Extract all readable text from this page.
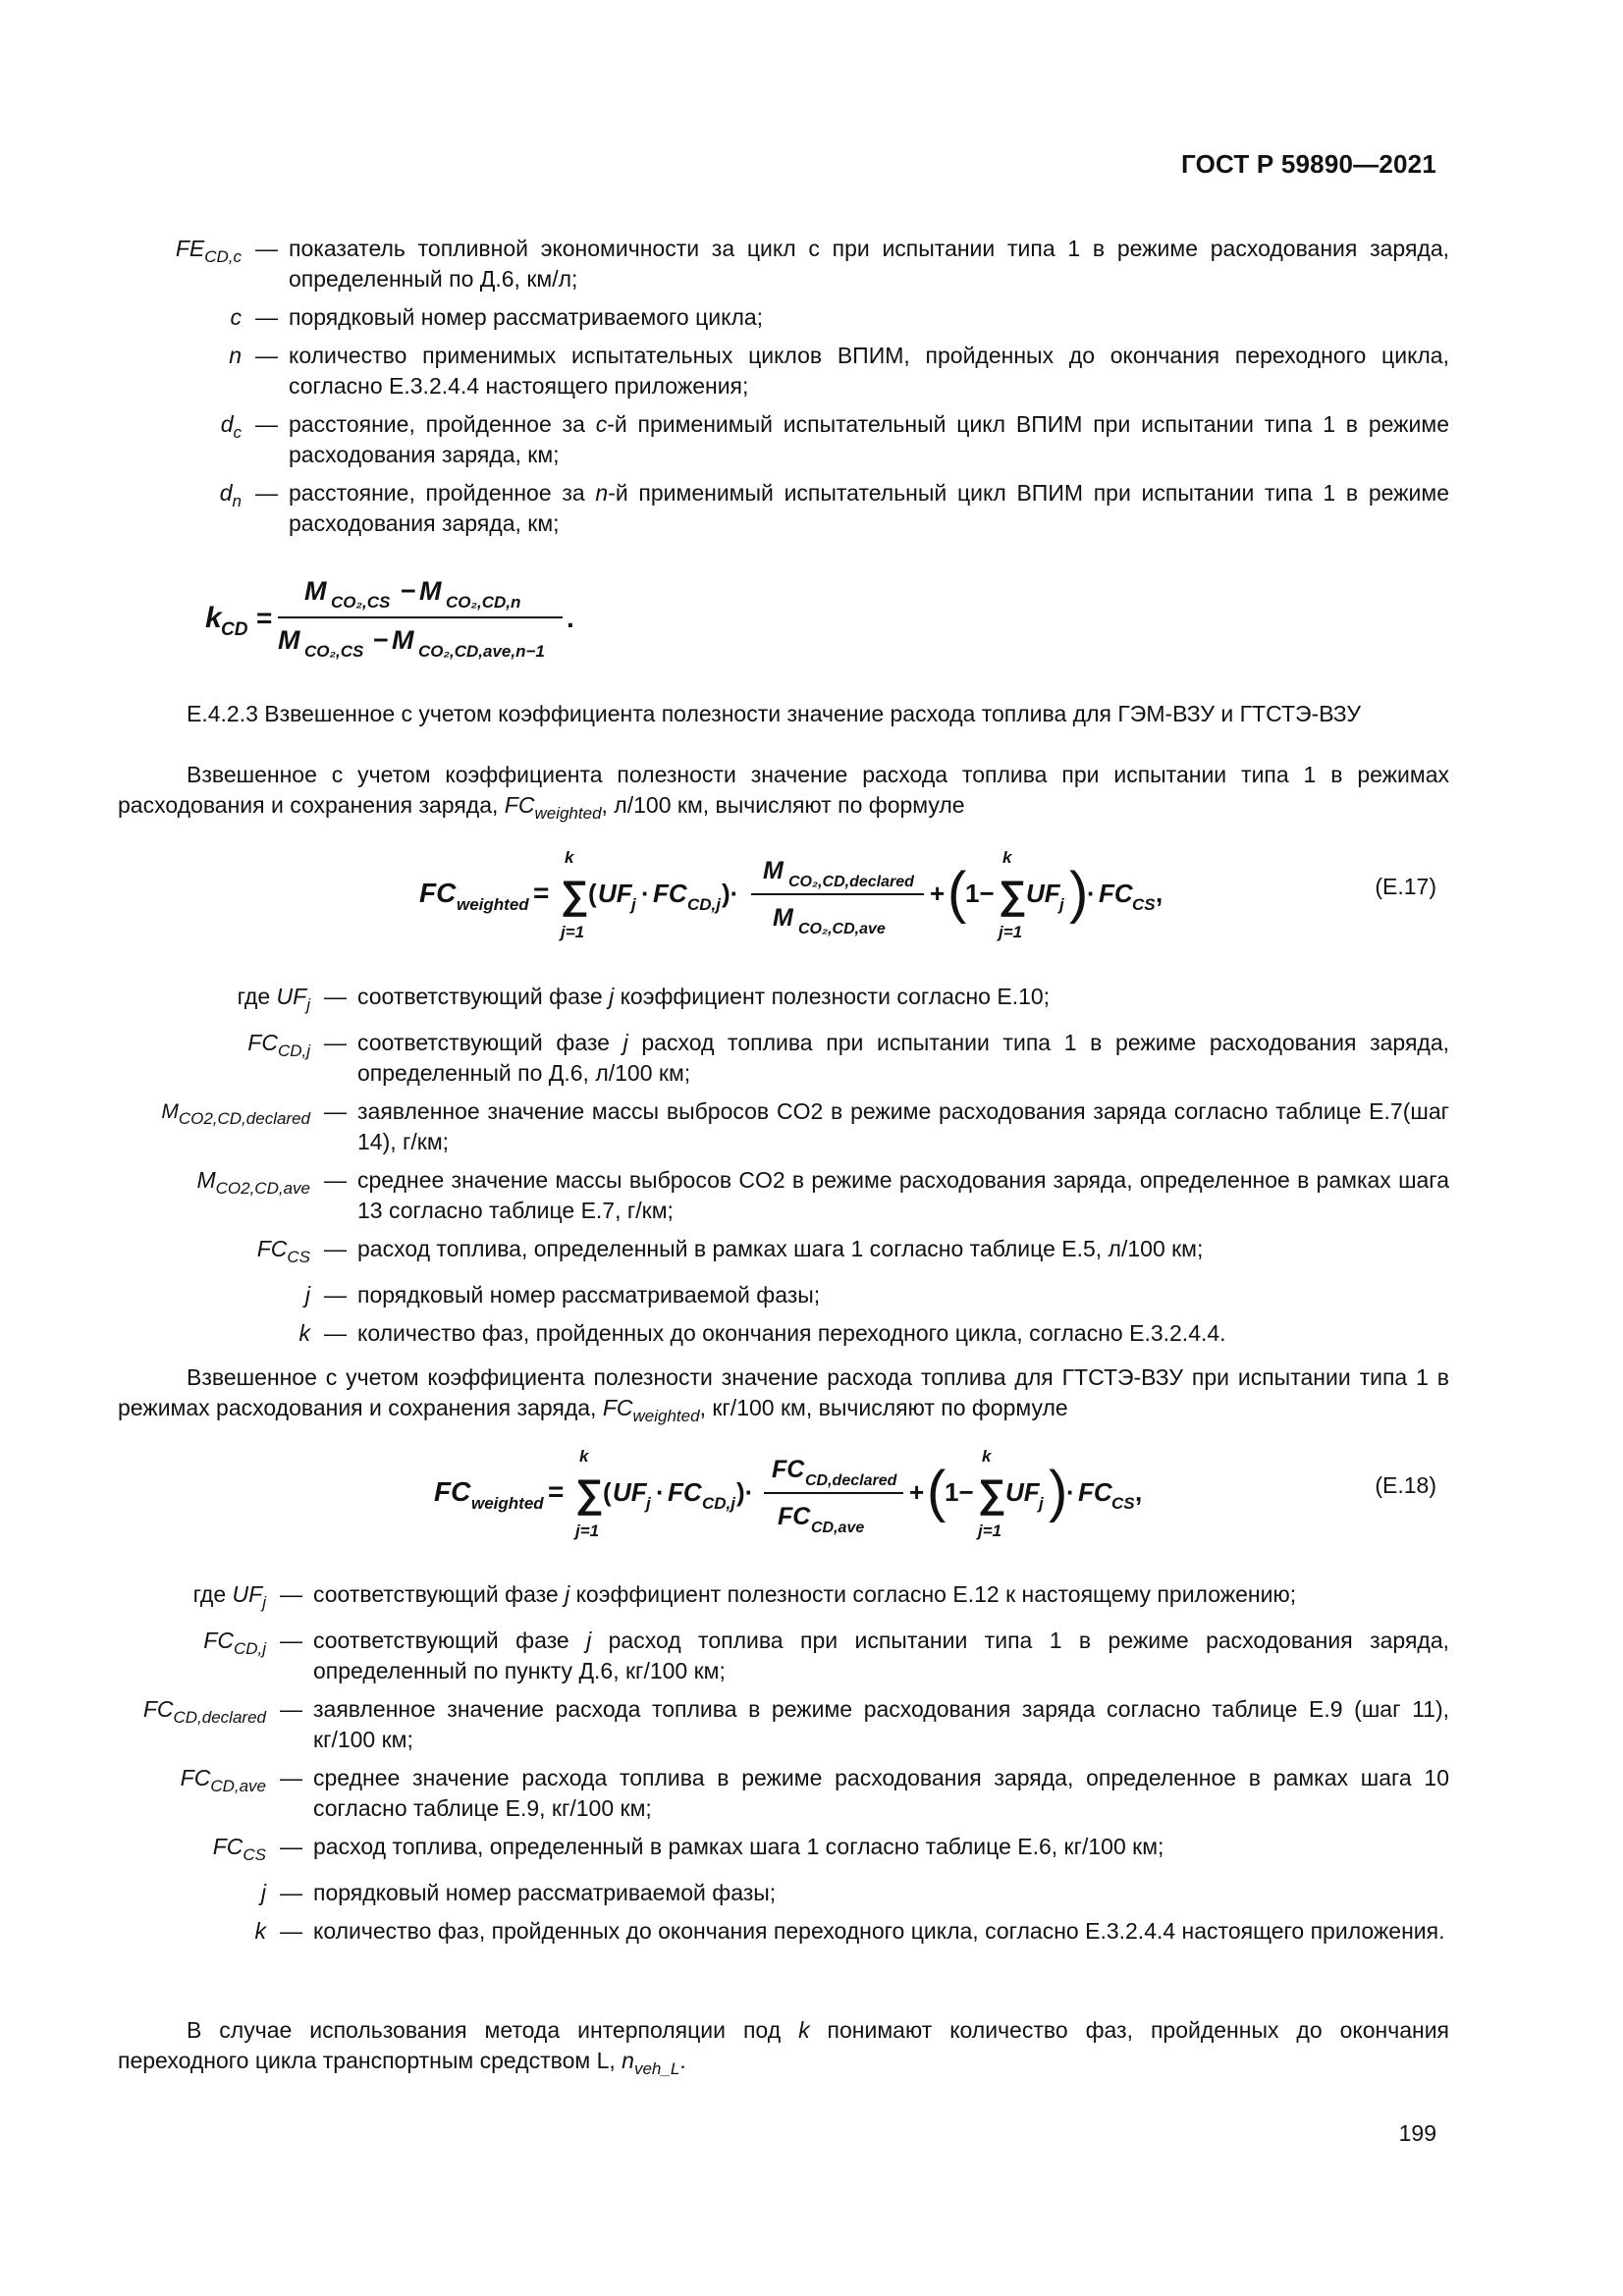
ГОСТ Р 59890—2021
$FE_{CD,c}$ — показатель топливной экономичности за цикл c при испытании типа 1 в режиме расходования заряда, определенный по Д.6, км/л;
c — порядковый номер рассматриваемого цикла;
n — количество применимых испытательных циклов ВПИМ, пройденных до окончания переходного цикла, согласно Е.3.2.4.4 настоящего приложения;
$d_c$ — расстояние, пройденное за c-й применимый испытательный цикл ВПИМ при испытании типа 1 в режиме расходования заряда, км;
$d_n$ — расстояние, пройденное за n-й применимый испытательный цикл ВПИМ при испытании типа 1 в режиме расходования заряда, км;
k CD =
M CO₂,CS − M CO₂,CD,n
M CO₂,CS − M CO₂,CD,ave,n−1
.
Е.4.2.3 Взвешенное с учетом коэффициента полезности значение расхода топлива для ГЭМ-ВЗУ и ГТСТЭ-ВЗУ
Взвешенное с учетом коэффициента полезности значение расхода топлива при испытании типа 1 в режимах расходования и сохранения заряда, $FC_{weighted}$, л/100 км, вычисляют по формуле
FC weighted = ∑
k
j=1
( UF j · FC CD,j )·
M CO₂,CD,declared
M CO₂,CD,ave
+ (
1− ∑
k
j=1
UF j )
· FC CS ,	(Е.17)
где $UF_j$ — соответствующий фазе j коэффициент полезности согласно Е.10;
$FC_{CD,j}$ — соответствующий фазе j расход топлива при испытании типа 1 в режиме расходования заряда, определенный по Д.6, л/100 км;
$M_{CO2,CD,declared}$ — заявленное значение массы выбросов CO2 в режиме расходования заряда согласно таблице Е.7(шаг 14), г/км;
$M_{CO2,CD,ave}$ — среднее значение массы выбросов CO2 в режиме расходования заряда, определенное в рамках шага 13 согласно таблице Е.7, г/км;
$FC_{CS}$ — расход топлива, определенный в рамках шага 1 согласно таблице Е.5, л/100 км;
j — порядковый номер рассматриваемой фазы;
k — количество фаз, пройденных до окончания переходного цикла, согласно Е.3.2.4.4.
Взвешенное с учетом коэффициента полезности значение расхода топлива для ГТСТЭ-ВЗУ при испытании типа 1 в режимах расходования и сохранения заряда, $FC_{weighted}$, кг/100 км, вычисляют по формуле
FC weighted = ∑
k
j=1
( UF j · FC CD,j )·
FC CD,declared
FC CD,ave
+ (
1− ∑
k
j=1
UF j )
· FC CS ,	(Е.18)
где $UF_j$ — соответствующий фазе j коэффициент полезности согласно Е.12 к настоящему приложению;
$FC_{CD,j}$ — соответствующий фазе j расход топлива при испытании типа 1 в режиме расходования заряда, определенный по пункту Д.6, кг/100 км;
$FC_{CD,declared}$ — заявленное значение расхода топлива в режиме расходования заряда согласно таблице Е.9 (шаг 11), кг/100 км;
$FC_{CD,ave}$ — среднее значение расхода топлива в режиме расходования заряда, определенное в рамках шага 10 согласно таблице Е.9, кг/100 км;
$FC_{CS}$ — расход топлива, определенный в рамках шага 1 согласно таблице Е.6, кг/100 км;
j — порядковый номер рассматриваемой фазы;
k — количество фаз, пройденных до окончания переходного цикла, согласно Е.3.2.4.4 настоящего приложения.
В случае использования метода интерполяции под k понимают количество фаз, пройденных до окончания переходного цикла транспортным средством L, $n_{veh\_L}$.
199
